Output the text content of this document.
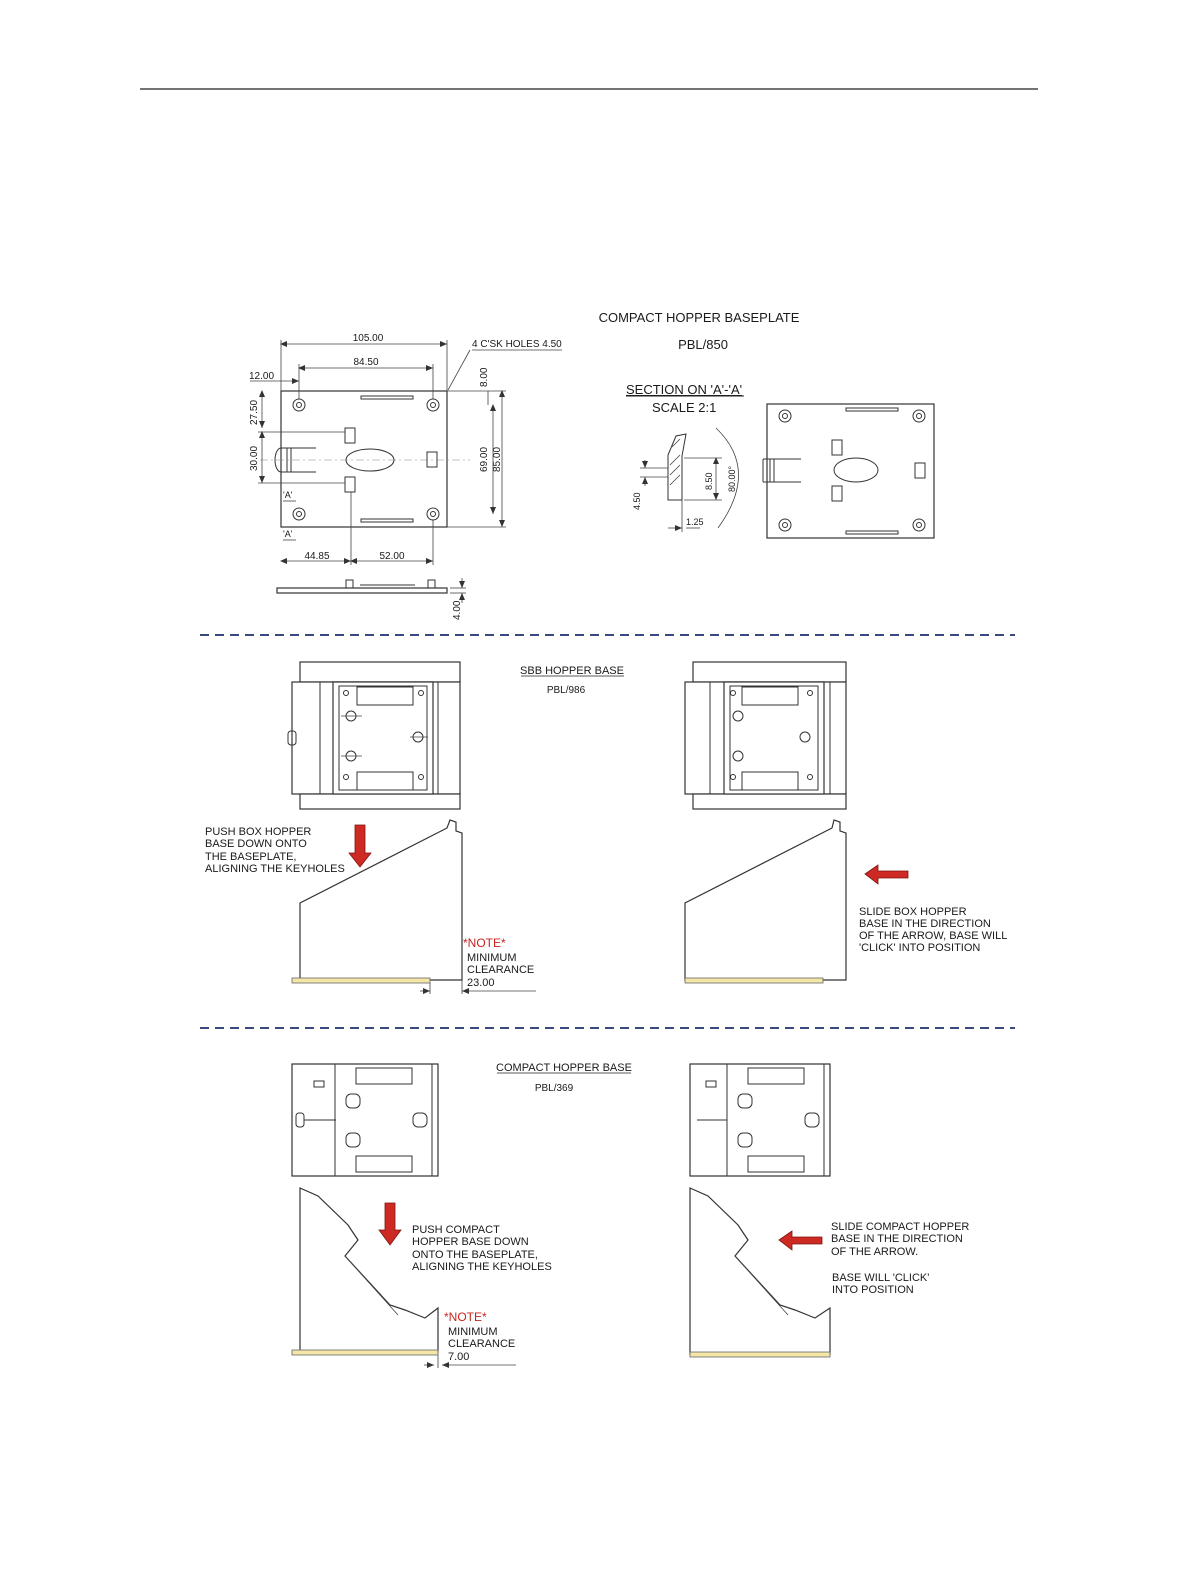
COMPACT HOPPER BASEPLATE
PBL/850
105.00
84.50
12.00
4 C'SK HOLES 4.50
8.00
27.50
30.00	69.00 85.00
'A'
'A'
44.85	52.00
4.00
SECTION ON 'A'-'A'
SCALE 2:1
80.00°
8.50
4.50
1.25
SBB HOPPER BASE
PBL/986
PUSH BOX HOPPER
BASE DOWN ONTO
THE BASEPLATE,
ALIGNING THE KEYHOLES
*NOTE*
MINIMUM
CLEARANCE
23.00
SLIDE BOX HOPPER
BASE IN THE DIRECTION
OF THE ARROW, BASE WILL
'CLICK' INTO POSITION
COMPACT HOPPER BASE
PBL/369
PUSH COMPACT
HOPPER BASE DOWN
ONTO THE BASEPLATE,
ALIGNING THE KEYHOLES
*NOTE*
MINIMUM
CLEARANCE
7.00
SLIDE COMPACT HOPPER
BASE IN THE DIRECTION
OF THE ARROW.
BASE WILL 'CLICK'
INTO POSITION
